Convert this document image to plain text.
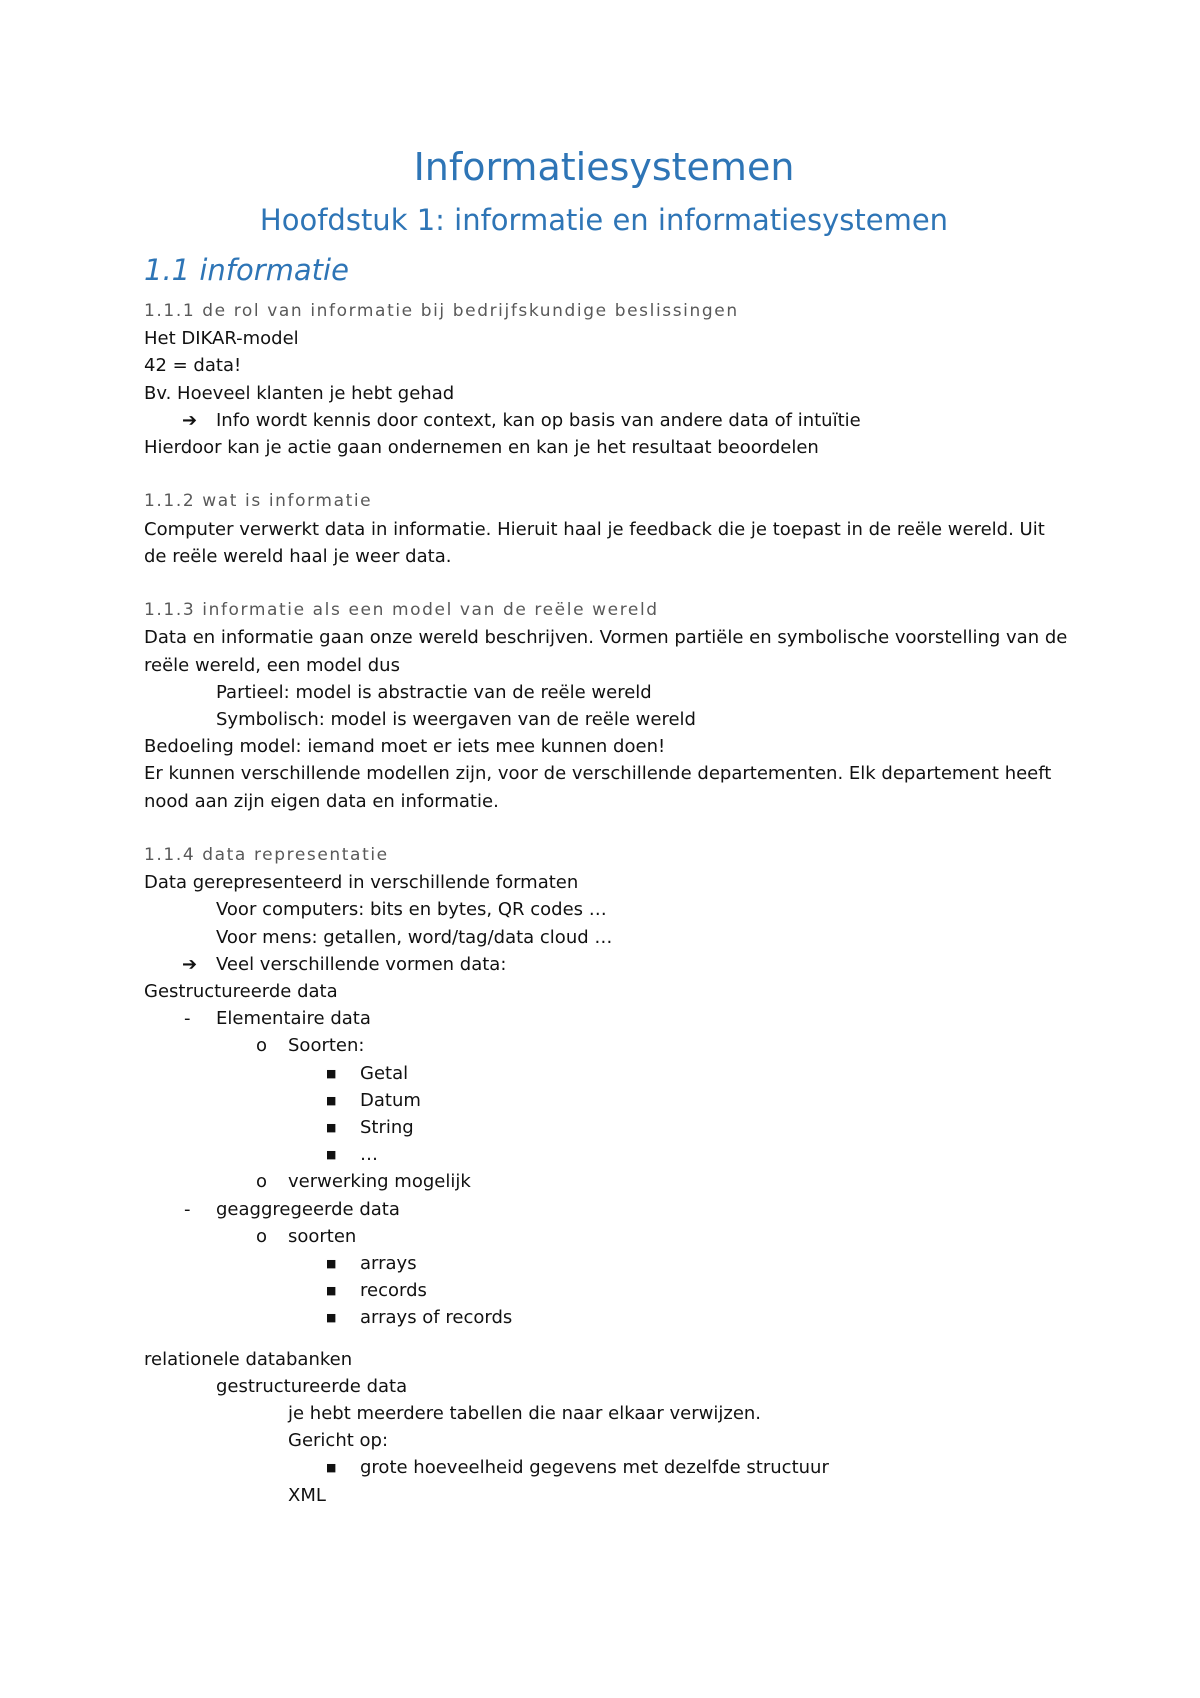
Informatiesystemen
Hoofdstuk 1: informatie en informatiesystemen
1.1 informatie
1.1.1 de rol van informatie bij bedrijfskundige beslissingen

Het DIKAR-model

42 = data!

Bv. Hoeveel klanten je hebt gehad

➔ Info wordt kennis door context, kan op basis van andere data of intuïtie

Hierdoor kan je actie gaan ondernemen en kan je het resultaat beoordelen

1.1.2 wat is informatie

Computer verwerkt data in informatie. Hieruit haal je feedback die je toepast in de reële wereld. Uit

de reële wereld haal je weer data.

1.1.3 informatie als een model van de reële wereld

Data en informatie gaan onze wereld beschrijven. Vormen partiële en symbolische voorstelling van de

reële wereld, een model dus

Partieel: model is abstractie van de reële wereld

Symbolisch: model is weergaven van de reële wereld

Bedoeling model: iemand moet er iets mee kunnen doen!

Er kunnen verschillende modellen zijn, voor de verschillende departementen. Elk departement heeft

nood aan zijn eigen data en informatie.

1.1.4 data representatie

Data gerepresenteerd in verschillende formaten

Voor computers: bits en bytes, QR codes …

Voor mens: getallen, word/tag/data cloud …

➔ Veel verschillende vormen data:

Gestructureerde data

- Elementaire data
o Soorten:
■ Getal
■ Datum
■ String
■ …
o verwerking mogelijk
- geaggregeerde data
o soorten
■ arrays
■ records
■ arrays of records

relationele databanken

gestructureerde data

je hebt meerdere tabellen die naar elkaar verwijzen.

Gericht op:

■ grote hoeveelheid gegevens met dezelfde structuur

XML
